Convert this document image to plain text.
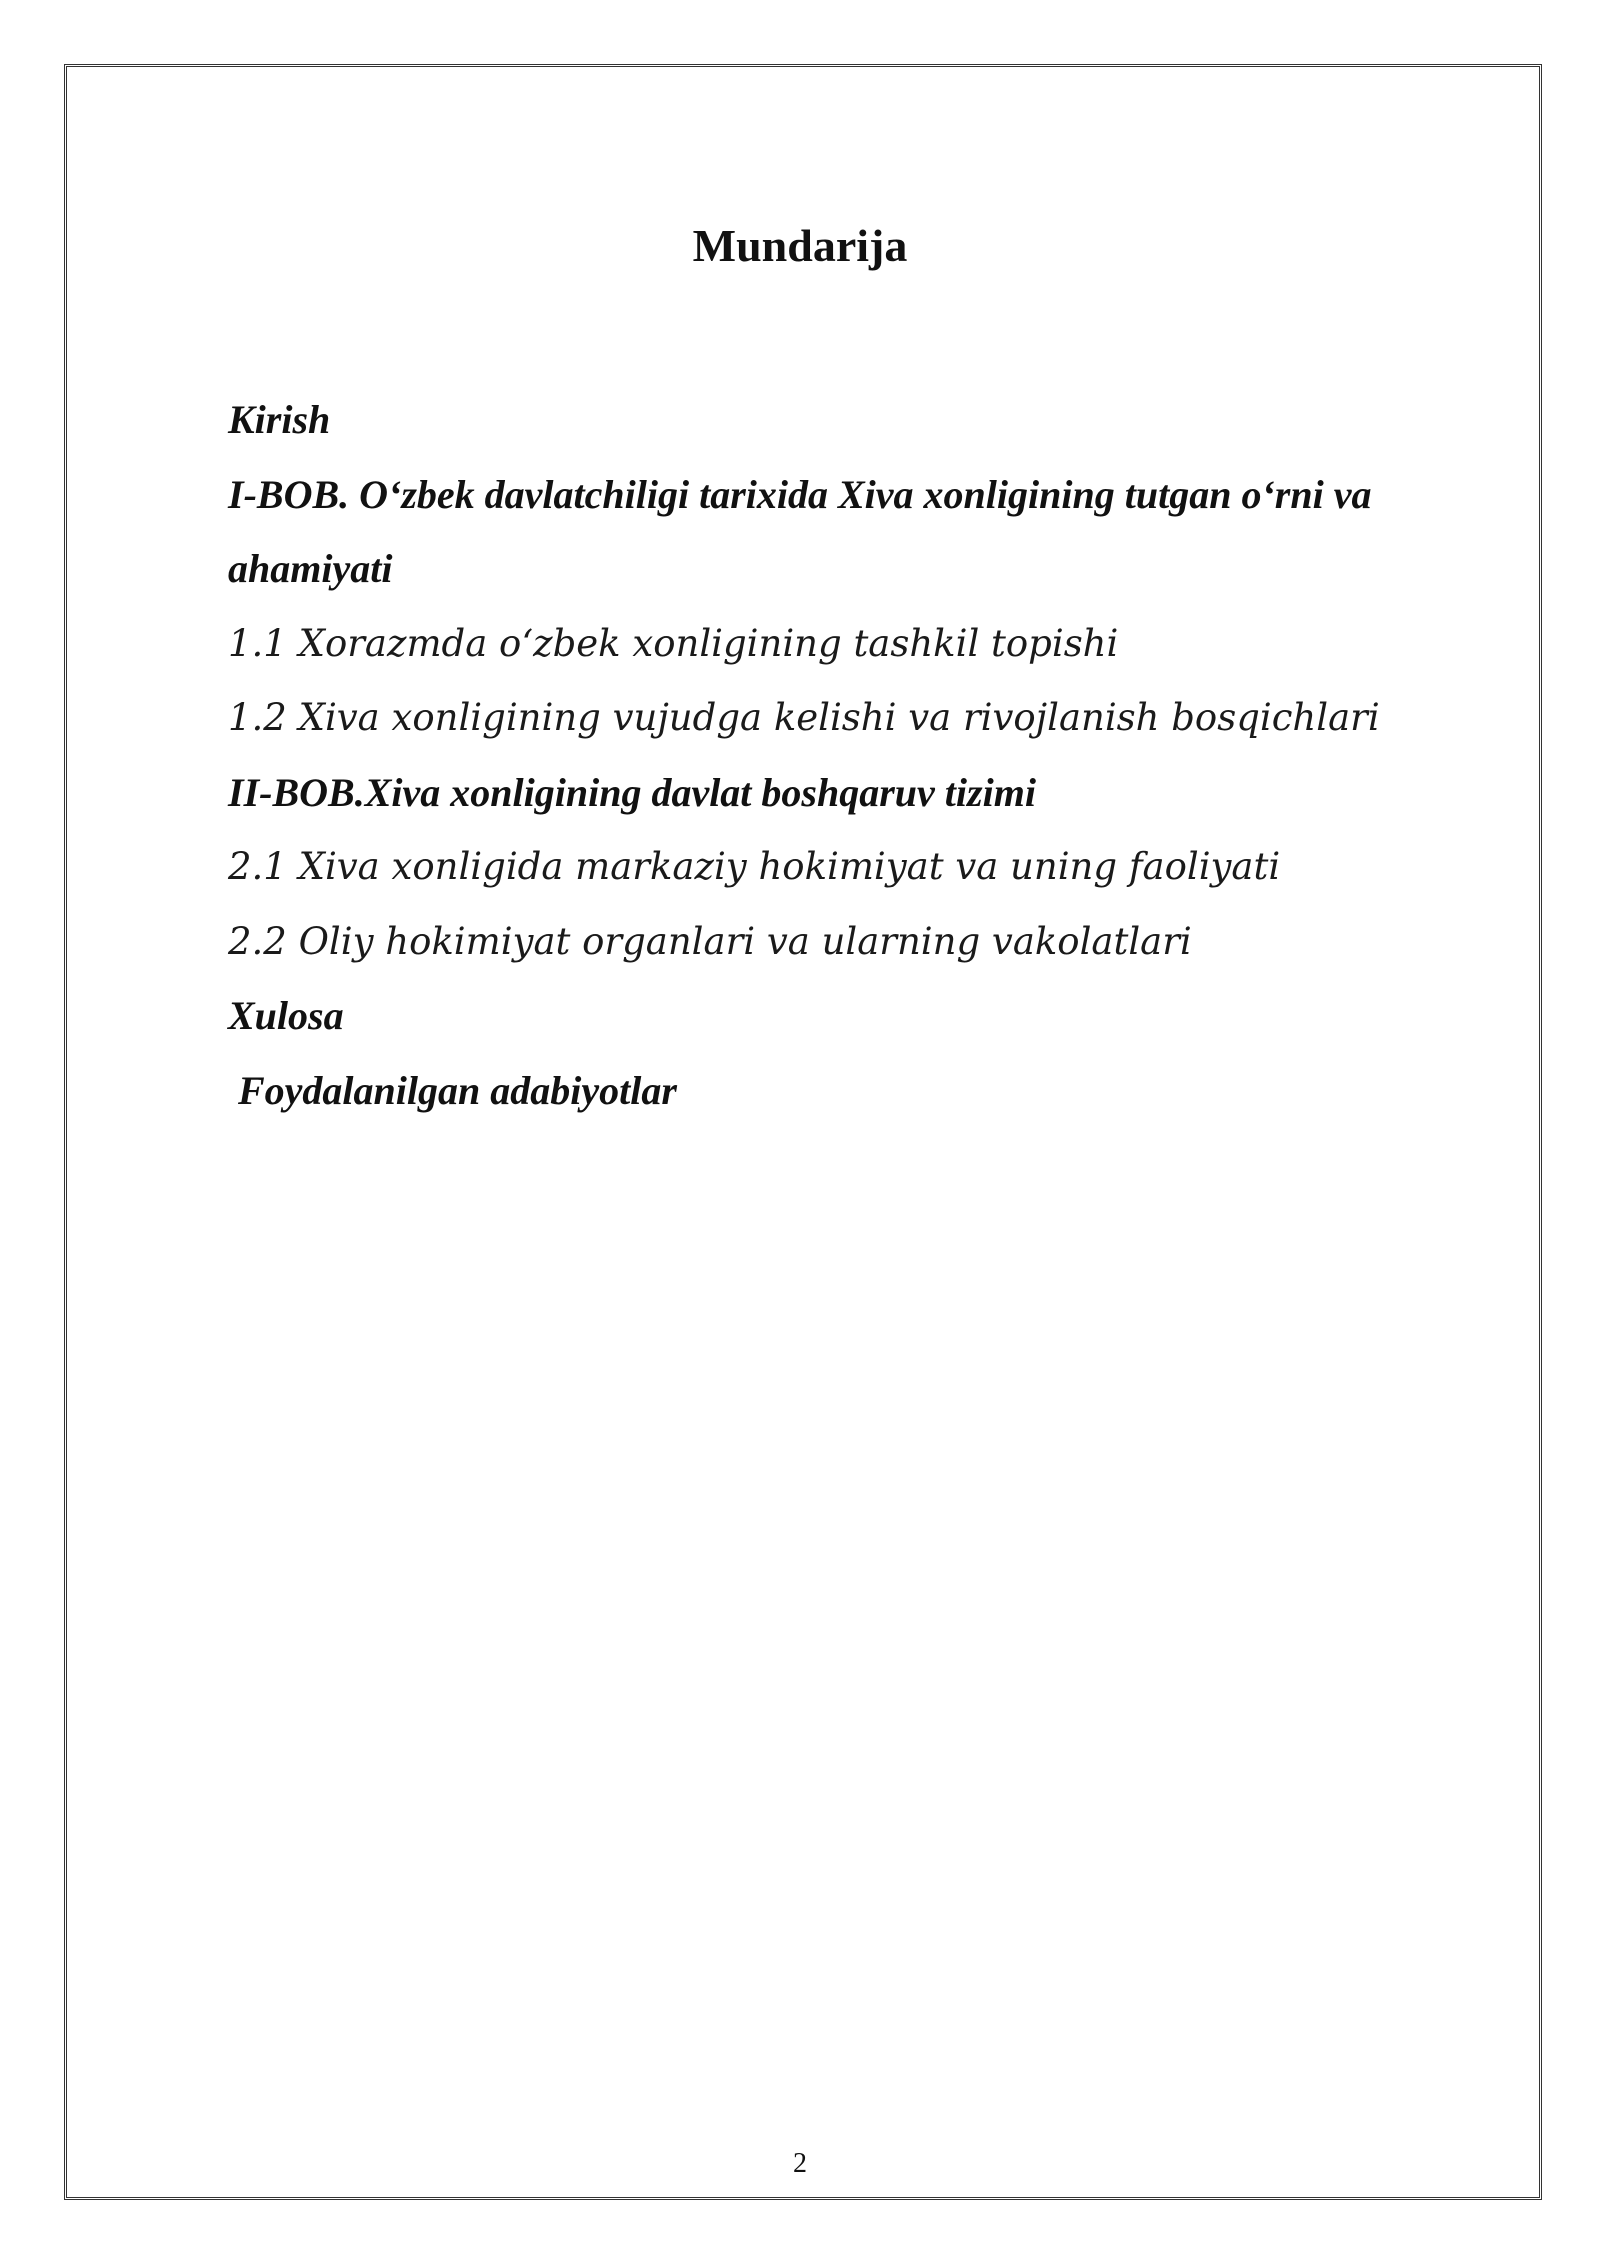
Mundarija
Kirish
I-BOB. O‘zbek davlatchiligi tarixida Xiva xonligining tutgan o‘rni va ahamiyati
1.1 Xorazmda o‘zbek xonligining tashkil topishi
1.2 Xiva xonligining vujudga kelishi va rivojlanish bosqichlari
II-BOB.Xiva xonligining davlat boshqaruv tizimi
2.1 Xiva xonligida markaziy hokimiyat va uning faoliyati
2.2 Oliy hokimiyat organlari va ularning vakolatlari
Xulosa
Foydalanilgan adabiyotlar
2
